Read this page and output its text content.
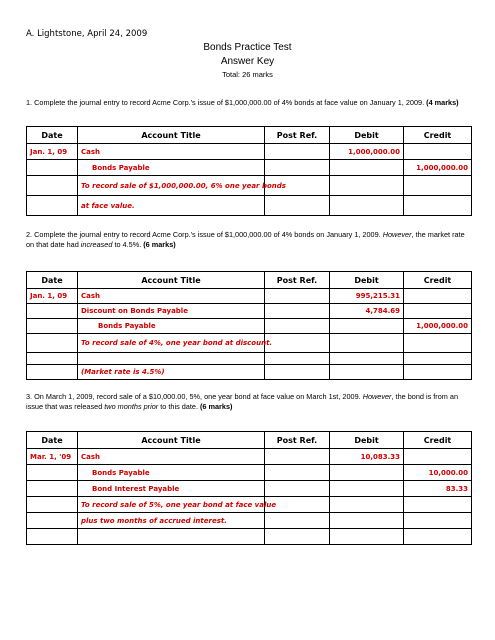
A. Lightstone, April 24, 2009
Bonds Practice Test
Answer Key
Total: 26 marks
1. Complete the journal entry to record Acme Corp.'s issue of $1,000,000.00 of 4% bonds at face value on January 1, 2009. (4 marks)
Date	Account Title	Post Ref.	Debit	Credit
Jan. 1, 09	Cash		1,000,000.00	
	Bonds Payable			1,000,000.00
	To record sale of $1,000,000.00, 6% one year bonds			
	at face value.			
2. Complete the journal entry to record Acme Corp.'s issue of $1,000,000.00 of 4% bonds on January 1, 2009. However, the market rate on that date had increased to 4.5%. (6 marks)
Date	Account Title	Post Ref.	Debit	Credit
Jan. 1, 09	Cash		995,215.31	
	Discount on Bonds Payable		4,784.69	
	Bonds Payable			1,000,000.00
	To record sale of 4%, one year bond at discount.			

	(Market rate is 4.5%)			
3. On March 1, 2009, record sale of a $10,000.00, 5%, one year bond at face value on March 1st, 2009. However, the bond is from an issue that was released two months prior to this date. (6 marks)
Date	Account Title	Post Ref.	Debit	Credit
Mar. 1, '09	Cash		10,083.33	
	Bonds Payable			10,000.00
	Bond Interest Payable			83.33
	To record sale of 5%, one year bond at face value			
	plus two months of accrued interest.			
